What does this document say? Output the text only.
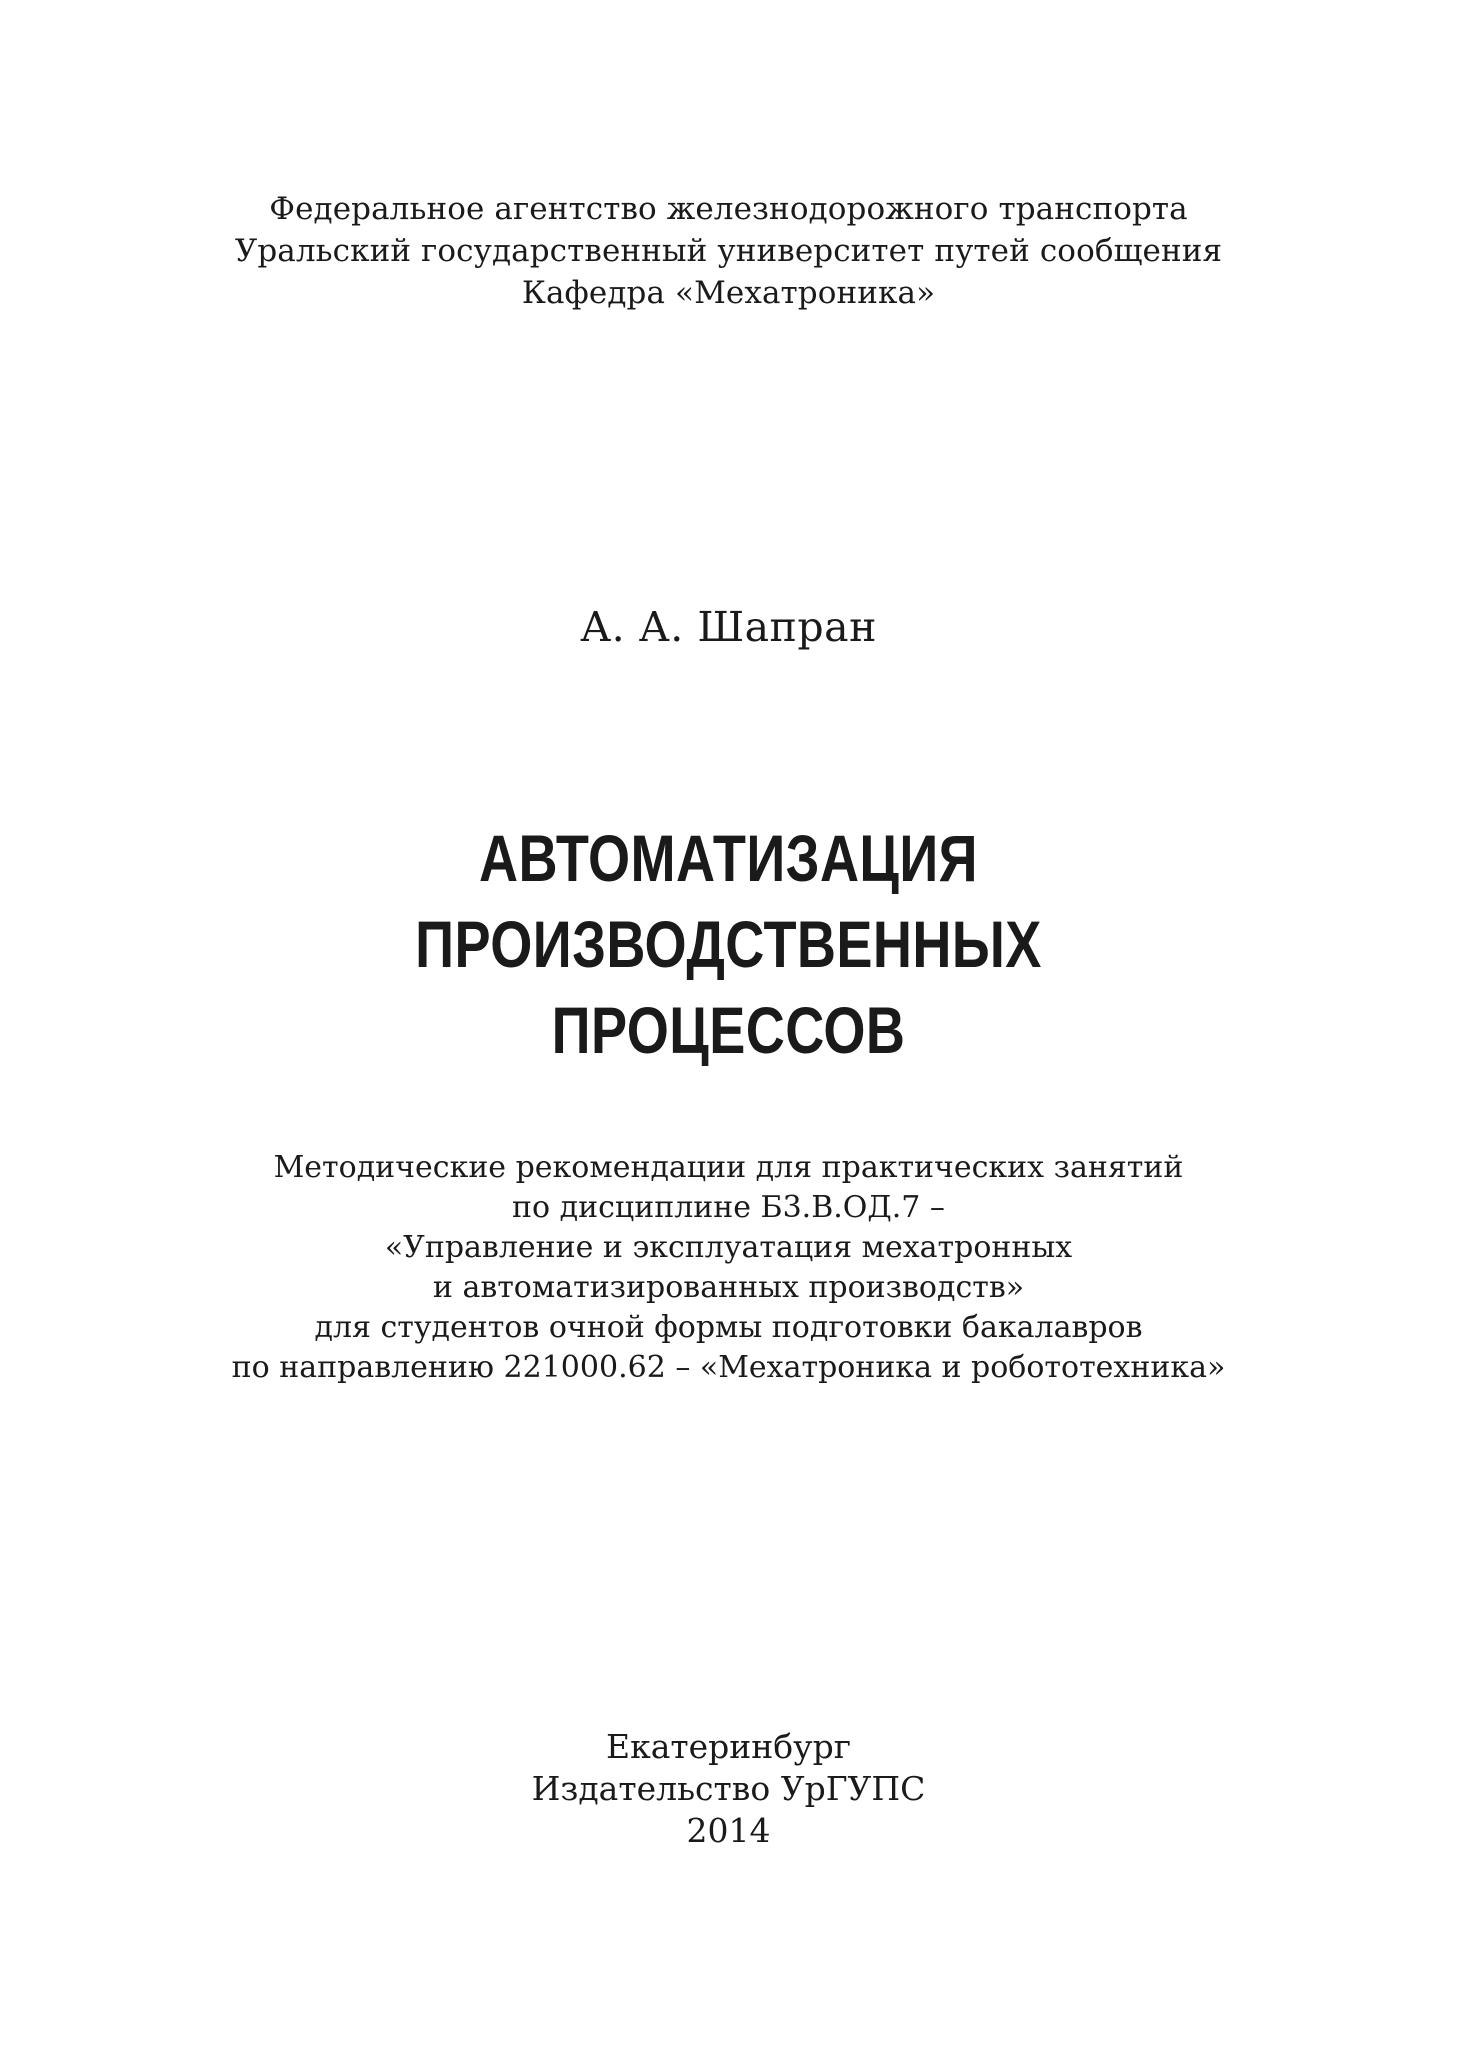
Федеральное агентство железнодорожного транспорта
Уральский государственный университет путей сообщения
Кафедра «Мехатроника»
А. А. Шапран
АВТОМАТИЗАЦИЯ
ПРОИЗВОДСТВЕННЫХ
ПРОЦЕССОВ
Методические рекомендации для практических занятий
по дисциплине Б3.В.ОД.7 –
«Управление и эксплуатация мехатронных
и автоматизированных производств»
для студентов очной формы подготовки бакалавров
по направлению 221000.62 – «Мехатроника и робототехника»
Екатеринбург
Издательство УрГУПС
2014
